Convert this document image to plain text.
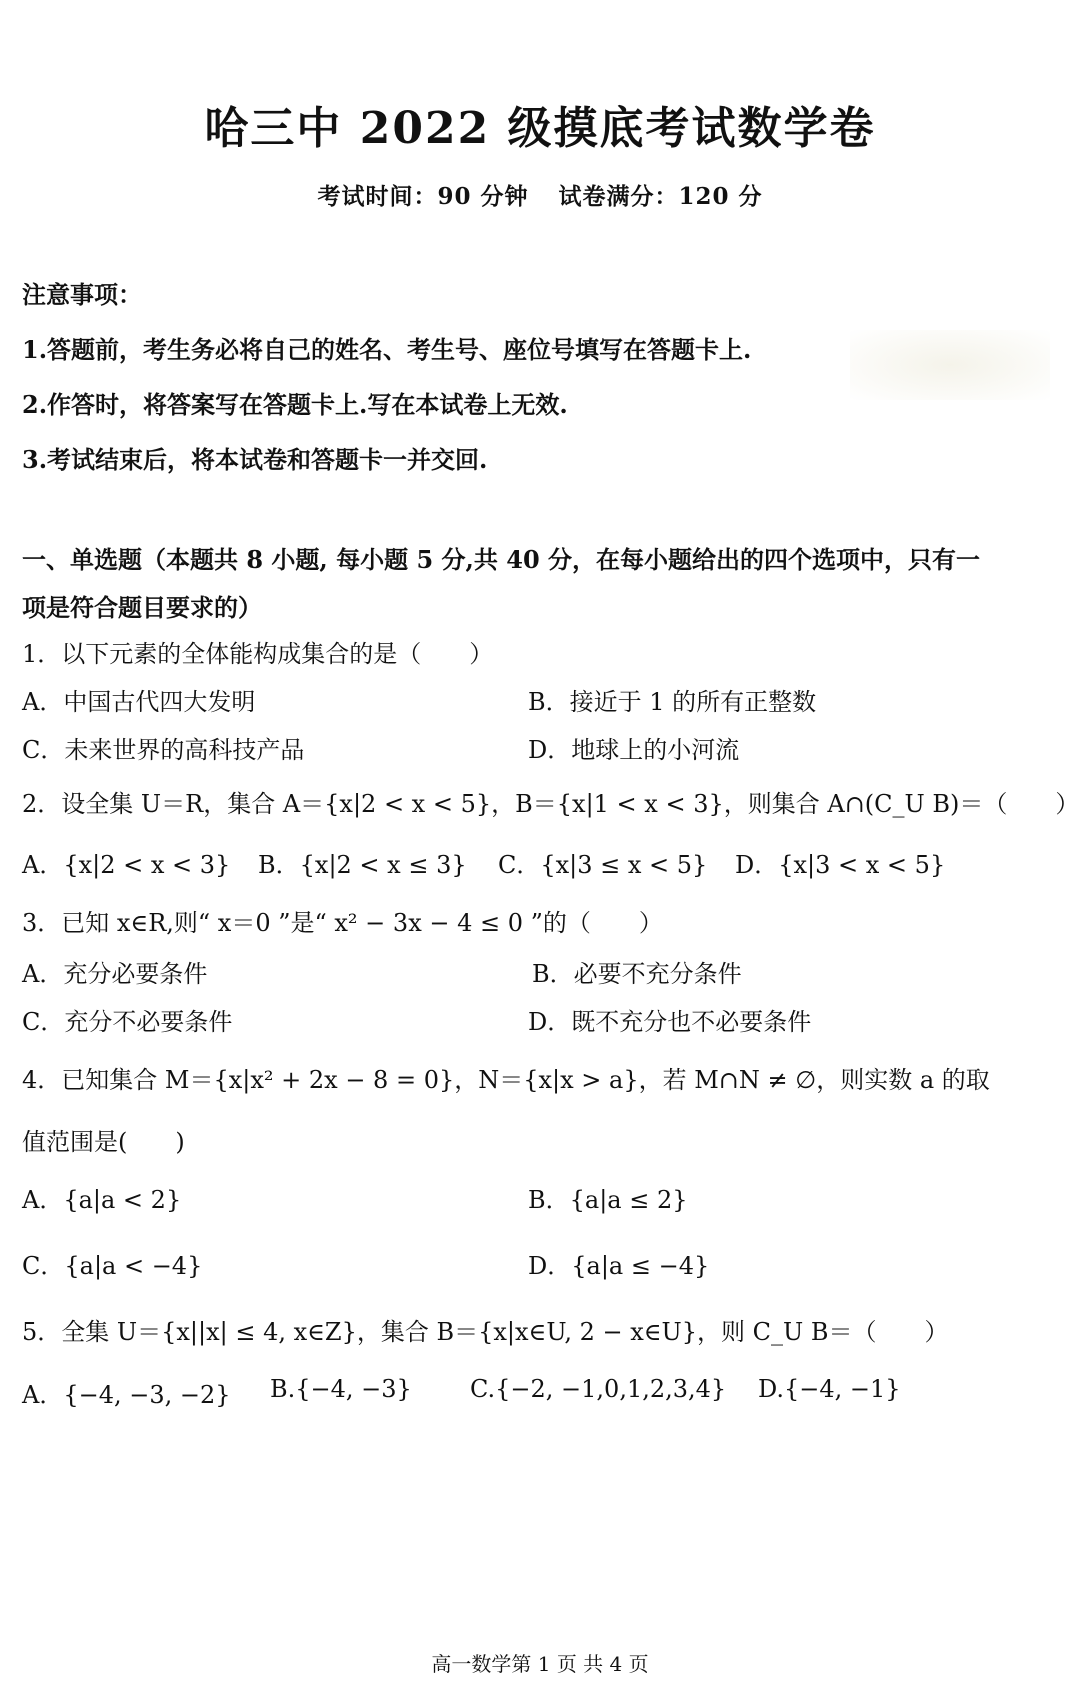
哈三中 2022 级摸底考试数学卷
考试时间：90 分钟 试卷满分：120 分
注意事项：
1.答题前，考生务必将自己的姓名、考生号、座位号填写在答题卡上.
2.作答时，将答案写在答题卡上.写在本试卷上无效.
3.考试结束后，将本试卷和答题卡一并交回.
一、单选题（本题共 8 小题, 每小题 5 分,共 40 分，在每小题给出的四个选项中，只有一
项是符合题目要求的）
1．以下元素的全体能构成集合的是（　　）
A．中国古代四大发明	B．接近于 1 的所有正整数
C．未来世界的高科技产品	D．地球上的小河流
2．设全集 U＝R，集合 A＝{x|2 < x < 5}，B＝{x|1 < x < 3}，则集合 A∩(C_U B)＝（　　）
A．{x|2 < x < 3} B．{x|2 < x ≤ 3} C．{x|3 ≤ x < 5} D．{x|3 < x < 5}
3．已知 x∈R,则“ x＝0 ”是“ x² − 3x − 4 ≤ 0 ”的（　　）
A．充分必要条件	B．必要不充分条件
C．充分不必要条件	D．既不充分也不必要条件
4．已知集合 M＝{x|x² + 2x − 8 = 0}，N＝{x|x > a}，若 M∩N ≠ ∅，则实数 a 的取
值范围是(　　)
A．{a|a < 2}	B．{a|a ≤ 2}
C．{a|a < −4}	D．{a|a ≤ −4}
5．全集 U＝{x||x| ≤ 4, x∈Z}，集合 B＝{x|x∈U, 2 − x∈U}，则 C_U B＝（　　）
A．{−4, −3, −2} B.{−4, −3} C.{−2, −1,0,1,2,3,4} D.{−4, −1}
高一数学第 1 页 共 4 页
